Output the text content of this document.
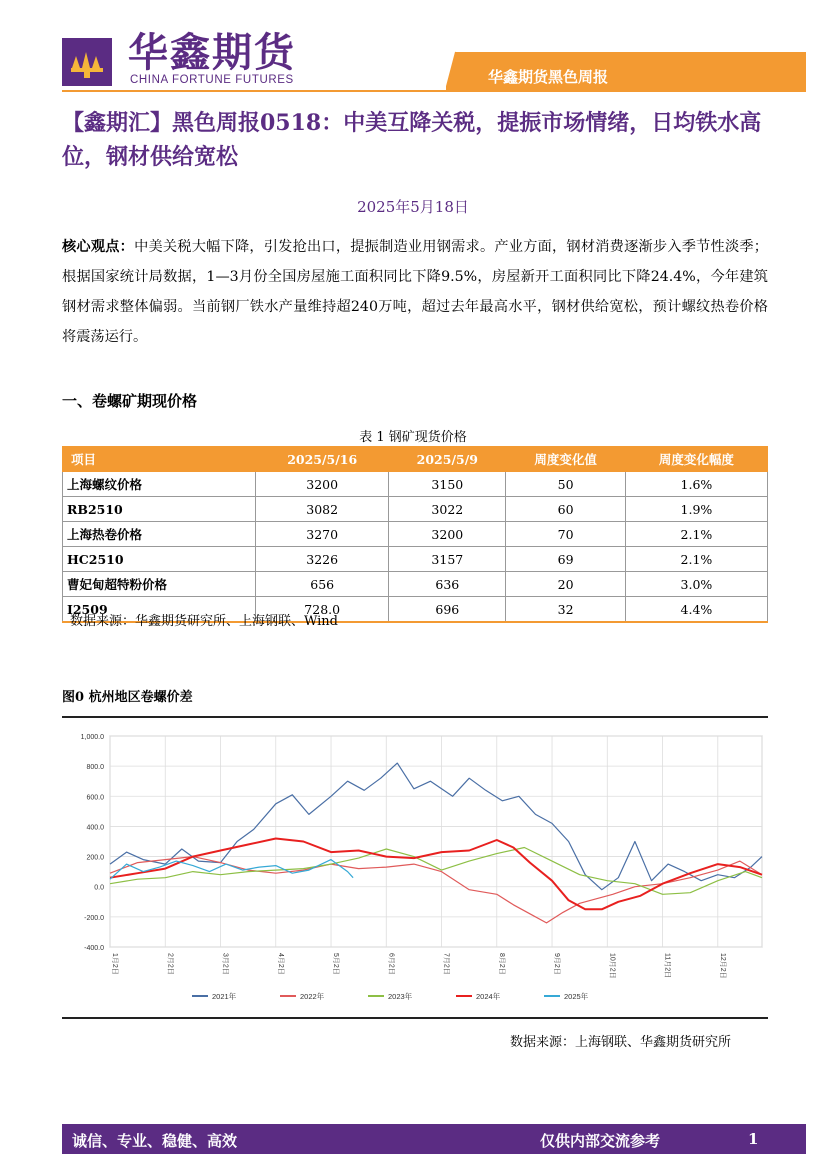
华鑫期货
CHINA FORTUNE FUTURES	华鑫期货黑色周报
【鑫期汇】黑色周报0518：中美互降关税，提振市场情绪，日均铁水高位，钢材供给宽松
2025年5月18日
核心观点：中美关税大幅下降，引发抢出口，提振制造业用钢需求。产业方面，钢材消费逐渐步入季节性淡季；根据国家统计局数据，1—3月份全国房屋施工面积同比下降9.5%，房屋新开工面积同比下降24.4%，今年建筑钢材需求整体偏弱。当前钢厂铁水产量维持超240万吨，超过去年最高水平，钢材供给宽松，预计螺纹热卷价格将震荡运行。
一、卷螺矿期现价格
表 1 钢矿现货价格
项目	2025/5/16	2025/5/9	周度变化值	周度变化幅度
上海螺纹价格	3200	3150	50	1.6%
RB2510	3082	3022	60	1.9%
上海热卷价格	3270	3200	70	2.1%
HC2510	3226	3157	69	2.1%
曹妃甸超特粉价格	656	636	20	3.0%
I2509	728.0	696	32	4.4%
数据来源：华鑫期货研究所、上海钢联、Wind
图0 杭州地区卷螺价差
1,000.0
800.0
600.0
400.0
200.0
0.0
-200.0
-400.0
1月2日	2月2日	3月2日	4月2日	5月2日	6月2日	7月2日	8月2日	9月2日	10月2日	11月2日	12月2日
2021年	2022年	2023年	2024年	2025年
数据来源：上海钢联、华鑫期货研究所
诚信、专业、稳健、高效	仅供内部交流参考	1
